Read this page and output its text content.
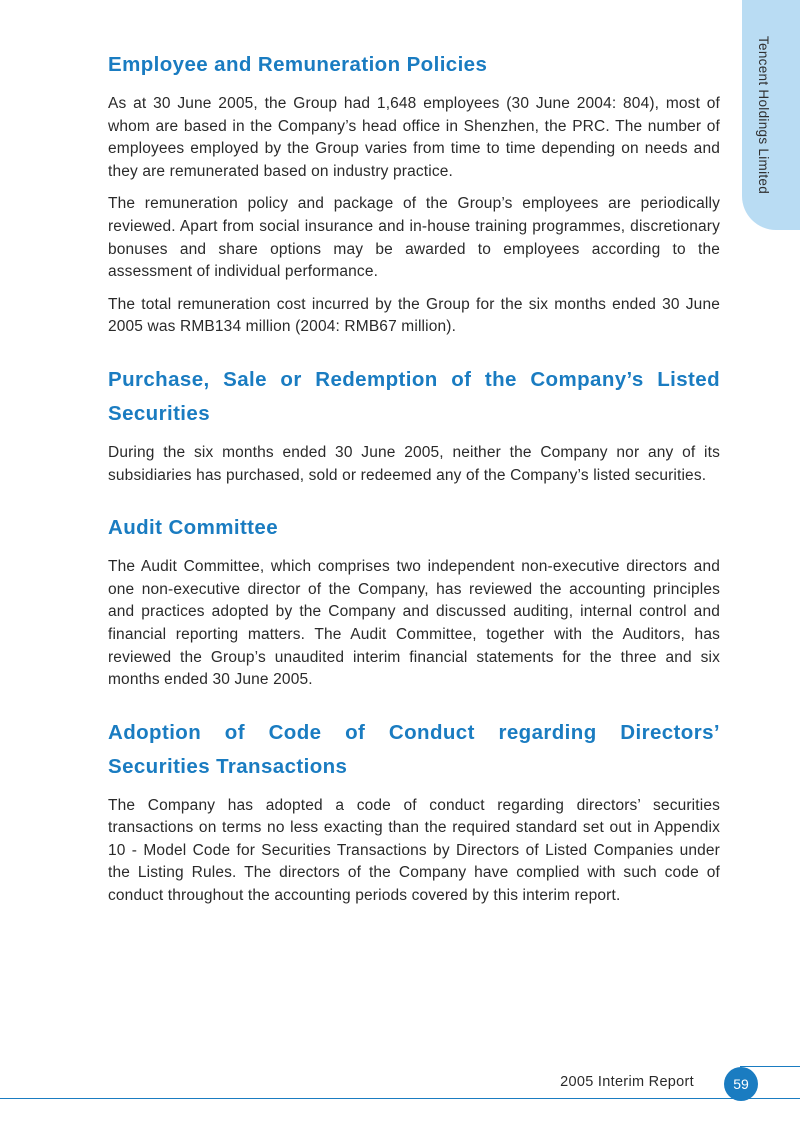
Tencent Holdings Limited
Employee and Remuneration Policies

As at 30 June 2005, the Group had 1,648 employees (30 June 2004: 804), most of whom are based in the Company’s head office in Shenzhen, the PRC. The number of employees employed by the Group varies from time to time depending on needs and they are remunerated based on industry practice.

The remuneration policy and package of the Group’s employees are periodically reviewed. Apart from social insurance and in-house training programmes, discretionary bonuses and share options may be awarded to employees according to the assessment of individual performance.

The total remuneration cost incurred by the Group for the six months ended 30 June 2005 was RMB134 million (2004: RMB67 million).

Purchase, Sale or Redemption of the Company’s Listed Securities

During the six months ended 30 June 2005, neither the Company nor any of its subsidiaries has purchased, sold or redeemed any of the Company’s listed securities.

Audit Committee

The Audit Committee, which comprises two independent non-executive directors and one non-executive director of the Company, has reviewed the accounting principles and practices adopted by the Company and discussed auditing, internal control and financial reporting matters. The Audit Committee, together with the Auditors, has reviewed the Group’s unaudited interim financial statements for the three and six months ended 30 June 2005.

Adoption of Code of Conduct regarding Directors’ Securities Transactions

The Company has adopted a code of conduct regarding directors’ securities transactions on terms no less exacting than the required standard set out in Appendix 10 - Model Code for Securities Transactions by Directors of Listed Companies under the Listing Rules. The directors of the Company have complied with such code of conduct throughout the accounting periods covered by this interim report.

2005 Interim Report	59
